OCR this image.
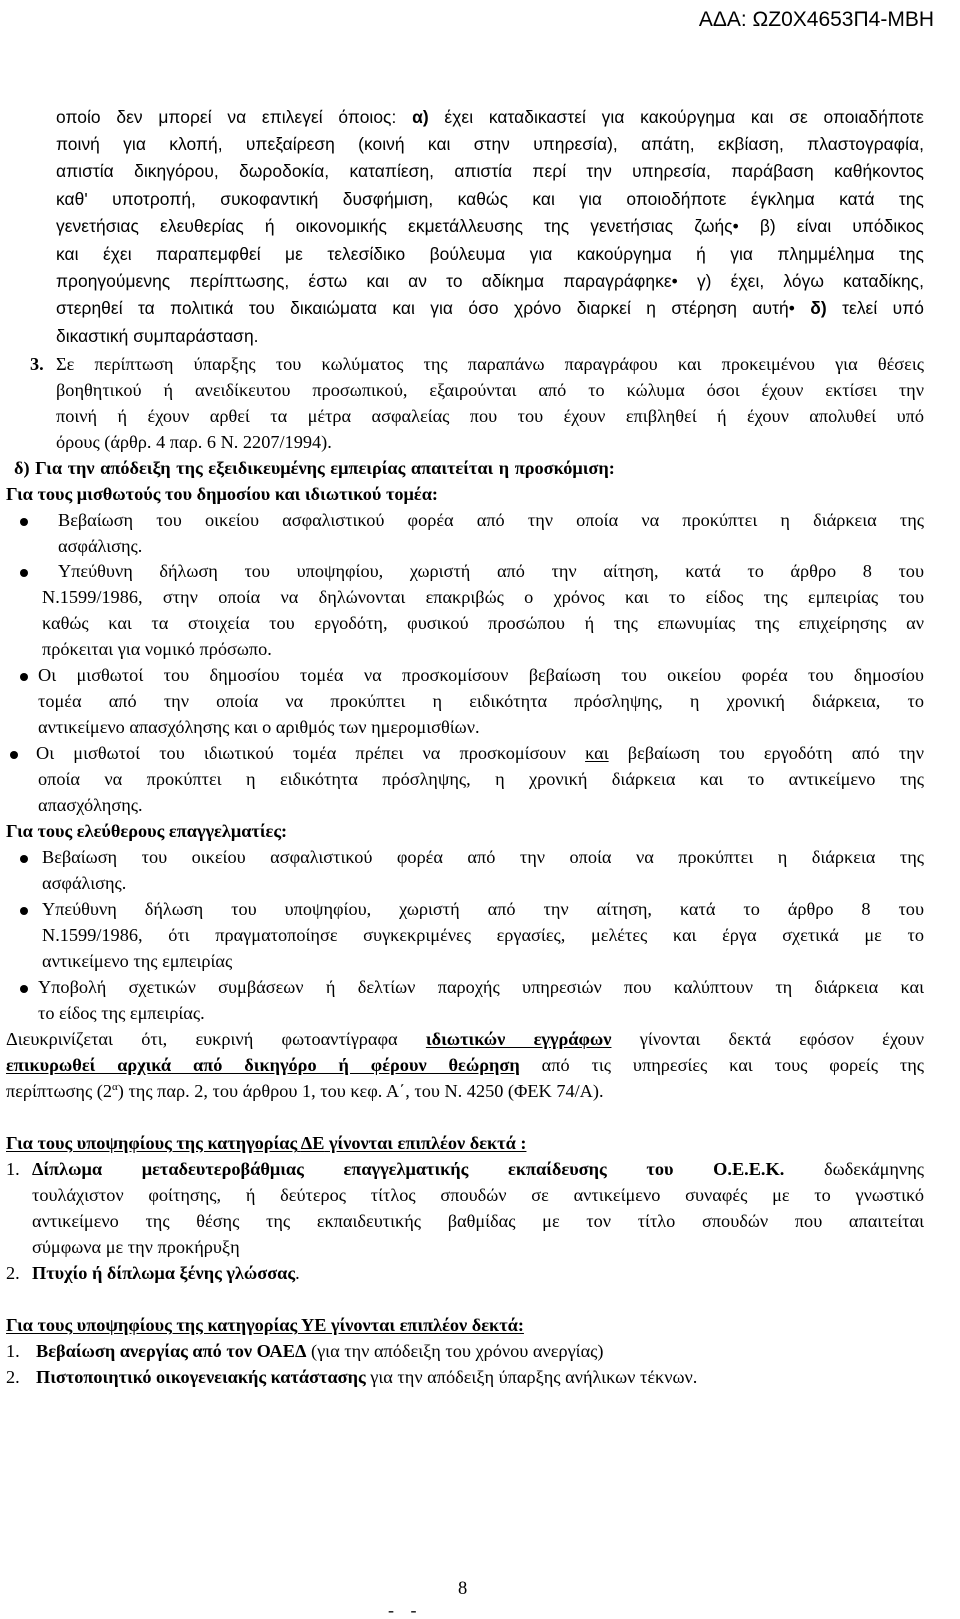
ΑΔΑ: ΩΖ0Χ4653Π4-ΜΒΗ
οποίο δεν μπορεί να επιλεγεί όποιος: α) έχει καταδικαστεί για κακούργημα και σε οποιαδήποτε
ποινή για κλοπή, υπεξαίρεση (κοινή και στην υπηρεσία), απάτη, εκβίαση, πλαστογραφία,
απιστία δικηγόρου, δωροδοκία, καταπίεση, απιστία περί την υπηρεσία, παράβαση καθήκοντος
καθ' υποτροπή, συκοφαντική δυσφήμιση, καθώς και για οποιοδήποτε έγκλημα κατά της
γενετήσιας ελευθερίας ή οικονομικής εκμετάλλευσης της γενετήσιας ζωής• β) είναι υπόδικος
και έχει παραπεμφθεί με τελεσίδικο βούλευμα για κακούργημα ή για πλημμέλημα της
προηγούμενης περίπτωσης, έστω και αν το αδίκημα παραγράφηκε• γ) έχει, λόγω καταδίκης,
στερηθεί τα πολιτικά του δικαιώματα και για όσο χρόνο διαρκεί η στέρηση αυτή• δ) τελεί υπό
δικαστική συμπαράσταση.
3. Σε περίπτωση ύπαρξης του κωλύματος της παραπάνω παραγράφου και προκειμένου για θέσεις
βοηθητικού ή ανειδίκευτου προσωπικού, εξαιρούνται από το κώλυμα όσοι έχουν εκτίσει την
ποινή ή έχουν αρθεί τα μέτρα ασφαλείας που του έχουν επιβληθεί ή έχουν απολυθεί υπό
όρους (άρθρ. 4 παρ. 6 Ν. 2207/1994).
δ) Για την απόδειξη της εξειδικευμένης εμπειρίας απαιτείται η προσκόμιση:
Για τους μισθωτούς του δημοσίου και ιδιωτικού τομέα:
Βεβαίωση του οικείου ασφαλιστικού φορέα από την οποία να προκύπτει η διάρκεια της
ασφάλισης.
Υπεύθυνη δήλωση του υποψηφίου, χωριστή από την αίτηση, κατά το άρθρο 8 του
Ν.1599/1986, στην οποία να δηλώνονται επακριβώς ο χρόνος και το είδος της εμπειρίας του
καθώς και τα στοιχεία του εργοδότη, φυσικού προσώπου ή της επωνυμίας της επιχείρησης αν
πρόκειται για νομικό πρόσωπο.
Οι μισθωτοί του δημοσίου τομέα να προσκομίσουν βεβαίωση του οικείου φορέα του δημοσίου
τομέα από την οποία να προκύπτει η ειδικότητα πρόσληψης, η χρονική διάρκεια, το
αντικείμενο απασχόλησης και ο αριθμός των ημερομισθίων.
Οι μισθωτοί του ιδιωτικού τομέα πρέπει να προσκομίσουν και βεβαίωση του εργοδότη από την
οποία να προκύπτει η ειδικότητα πρόσληψης, η χρονική διάρκεια και το αντικείμενο της
απασχόλησης.
Για τους ελεύθερους επαγγελματίες:
Βεβαίωση του οικείου ασφαλιστικού φορέα από την οποία να προκύπτει η διάρκεια της
ασφάλισης.
Υπεύθυνη δήλωση του υποψηφίου, χωριστή από την αίτηση, κατά το άρθρο 8 του
Ν.1599/1986, ότι πραγματοποίησε συγκεκριμένες εργασίες, μελέτες και έργα σχετικά με το
αντικείμενο της εμπειρίας
Υποβολή σχετικών συμβάσεων ή δελτίων παροχής υπηρεσιών που καλύπτουν τη διάρκεια και
το είδος της εμπειρίας.
Διευκρινίζεται ότι, ευκρινή φωτοαντίγραφα ιδιωτικών εγγράφων γίνονται δεκτά εφόσον έχουν
επικυρωθεί αρχικά από δικηγόρο ή φέρουν θεώρηση από τις υπηρεσίες και τους φορείς της
περίπτωσης $(2^\alpha)$ της παρ. 2, του άρθρου 1, του κεφ. Α΄, του Ν. 4250 (ΦΕΚ 74/Α).
Για τους υποψηφίους της κατηγορίας ΔΕ γίνονται επιπλέον δεκτά :
1. Δίπλωμα μεταδευτεροβάθμιας επαγγελματικής εκπαίδευσης του Ο.Ε.Ε.Κ. δωδεκάμηνης
τουλάχιστον φοίτησης, ή δεύτερος τίτλος σπουδών σε αντικείμενο συναφές με το γνωστικό
αντικείμενο της θέσης της εκπαιδευτικής βαθμίδας με τον τίτλο σπουδών που απαιτείται
σύμφωνα με την προκήρυξη
2. Πτυχίο ή δίπλωμα ξένης γλώσσας.
Για τους υποψηφίους της κατηγορίας ΥΕ γίνονται επιπλέον δεκτά:
1. Βεβαίωση ανεργίας από τον ΟΑΕΔ (για την απόδειξη του χρόνου ανεργίας)
2. Πιστοποιητικό οικογενειακής κατάστασης για την απόδειξη ύπαρξης ανήλικων τέκνων.
8
- -
